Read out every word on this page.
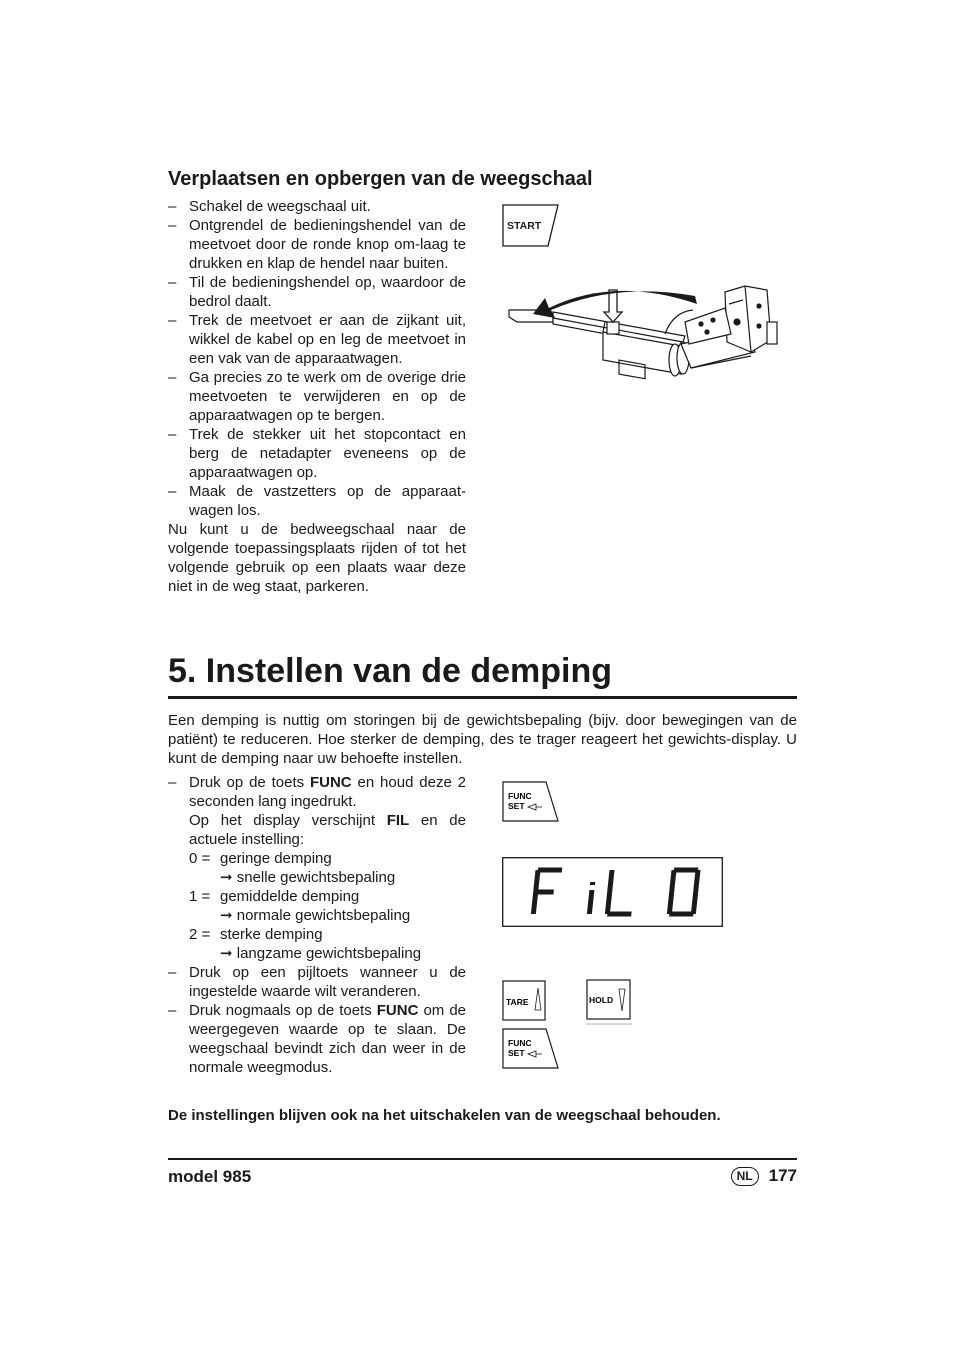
Verplaatsen en opbergen van de weegschaal
– Schakel de weegschaal uit.
– Ontgrendel de bedieningshendel van de meetvoet door de ronde knop om-laag te drukken en klap de hendel naar buiten.
– Til de bedieningshendel op, waardoor de bedrol daalt.
– Trek de meetvoet er aan de zijkant uit, wikkel de kabel op en leg de meetvoet in een vak van de apparaatwagen.
– Ga precies zo te werk om de overige drie meetvoeten te verwijderen en op de apparaatwagen op te bergen.
– Trek de stekker uit het stopcontact en berg de netadapter eveneens op de apparaatwagen op.
– Maak de vastzetters op de apparaat-wagen los.
Nu kunt u de bedweegschaal naar de volgende toepassingsplaats rijden of tot het volgende gebruik op een plaats waar deze niet in de weg staat, parkeren.
START
5. Instellen van de demping

Een demping is nuttig om storingen bij de gewichtsbepaling (bijv. door bewegingen van de patiënt) te reduceren. Hoe sterker de demping, des te trager reageert het gewichts-display. U kunt de demping naar uw behoefte instellen.

– Druk op de toets FUNC en houd deze 2 seconden lang ingedrukt.
Op het display verschijnt FIL en de actuele instelling:
0 = geringe demping
➞ snelle gewichtsbepaling
1 = gemiddelde demping
➞ normale gewichtsbepaling
2 = sterke demping
➞ langzame gewichtsbepaling
– Druk op een pijltoets wanneer u de ingestelde waarde wilt veranderen.
– Druk nogmaals op de toets FUNC om de weergegeven waarde op te slaan. De weegschaal bevindt zich dan weer in de normale weegmodus.
FUNC
SET
TARE	HOLD
FUNC
SET

De instellingen blijven ook na het uitschakelen van de weegschaal behouden.

model 985	NL 177
